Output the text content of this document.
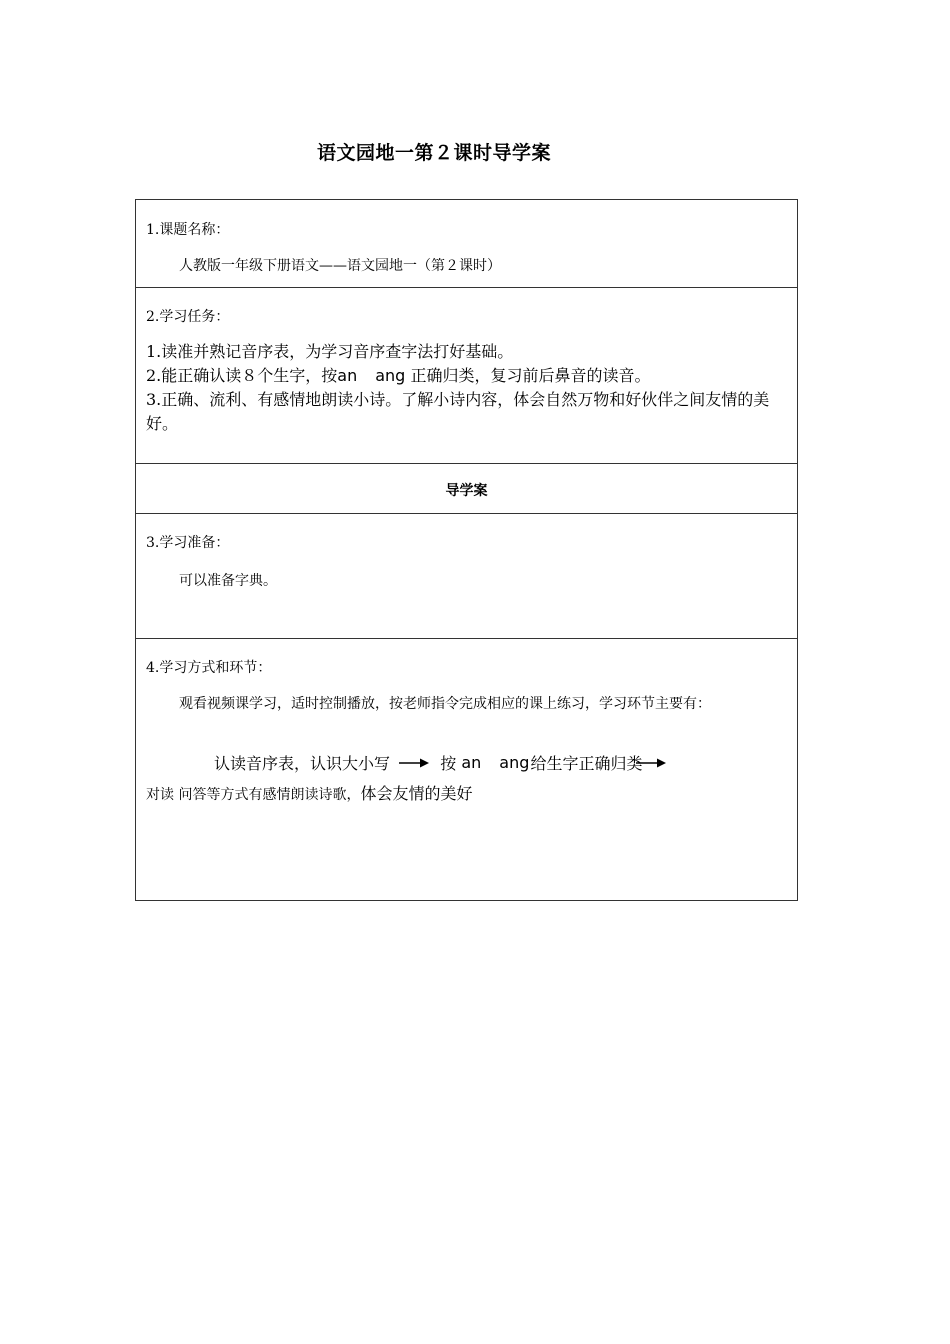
语文园地一第２课时导学案
1.课题名称：
人教版一年级下册语文——语文园地一（第２课时）
2.学习任务：
1.读准并熟记音序表，为学习音序查字法打好基础。
2.能正确认读８个生字，按an ang 正确归类，复习前后鼻音的读音。
3.正确、流利、有感情地朗读小诗。了解小诗内容，体会自然万物和好伙伴之间友情的美好。
导学案
3.学习准备：
可以准备字典。
4.学习方式和环节：
观看视频课学习，适时控制播放，按老师指令完成相应的课上练习，学习环节主要有：
认读音序表，认识大小写	按 an ang 给生字正确归类
对读 问答等方式有感情朗读诗歌，体会友情的美好
